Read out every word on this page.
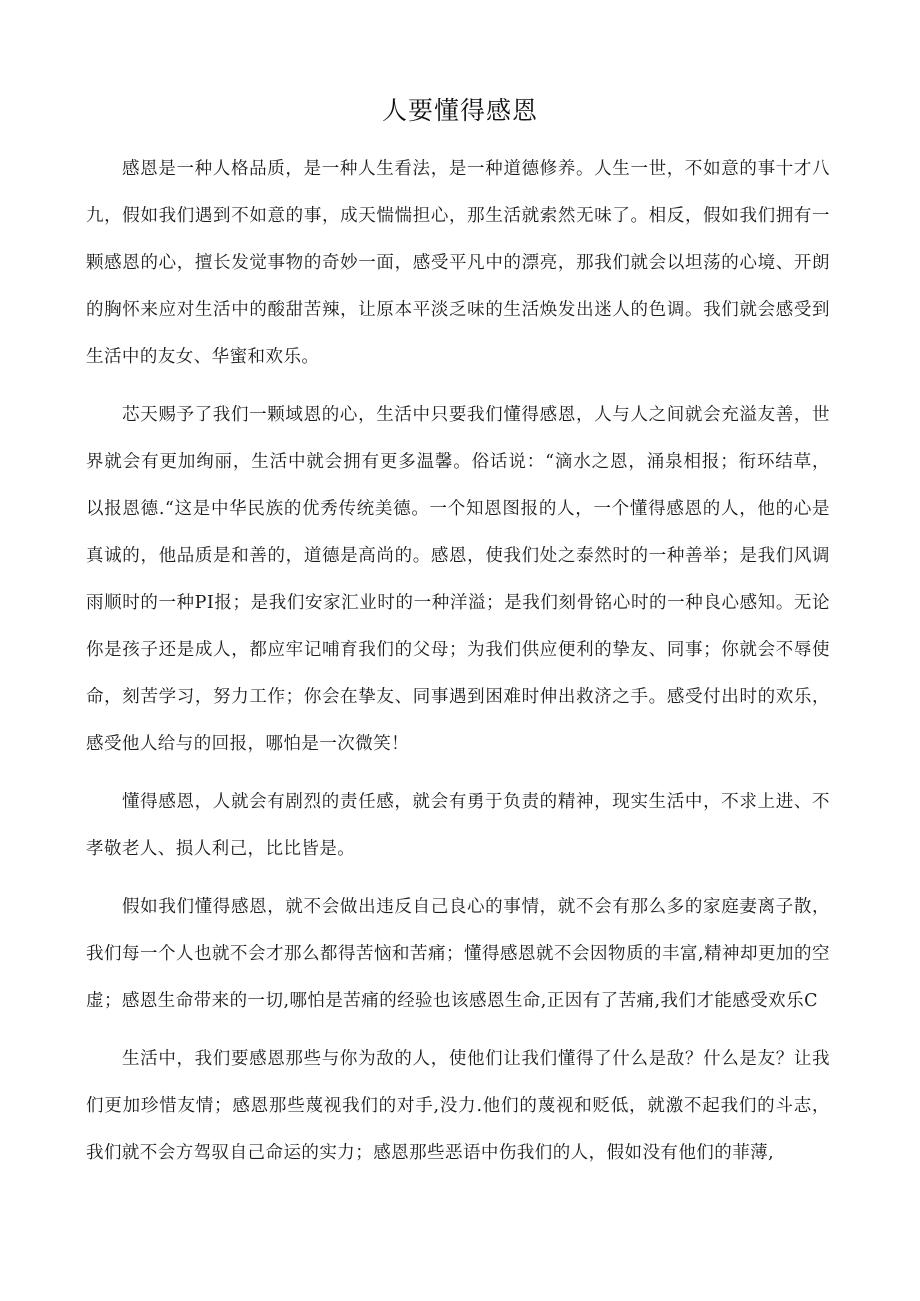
人要懂得感恩

感恩是一种人格品质，是一种人生看法，是一种道德修养。人生一世，不如意的事十才八九，假如我们遇到不如意的事，成天惴惴担心，那生活就索然无味了。相反，假如我们拥有一颗感恩的心，擅长发觉事物的奇妙一面，感受平凡中的漂亮，那我们就会以坦荡的心境、开朗的胸怀来应对生活中的酸甜苦辣，让原本平淡乏味的生活焕发出迷人的色调。我们就会感受到生活中的友女、华蜜和欢乐。

芯天赐予了我们一颗域恩的心，生活中只要我们懂得感恩，人与人之间就会充溢友善，世界就会有更加绚丽，生活中就会拥有更多温馨。俗话说：“滴水之恩，涌泉相报；衔环结草，以报恩德.“这是中华民族的优秀传统美德。一个知恩图报的人，一个懂得感恩的人，他的心是真诚的，他品质是和善的，道德是高尚的。感恩，使我们处之泰然时的一种善举；是我们风调雨顺时的一种PI报；是我们安家汇业时的一种洋溢；是我们刻骨铭心时的一种良心感知。无论你是孩子还是成人，都应牢记哺育我们的父母；为我们供应便利的挚友、同事；你就会不辱使命，刻苦学习，努力工作；你会在挚友、同事遇到困难时伸出救济之手。感受付出时的欢乐，感受他人给与的回报，哪怕是一次微笑！

懂得感恩，人就会有剧烈的责任感，就会有勇于负责的精神，现实生活中，不求上进、不孝敬老人、损人利己，比比皆是。

假如我们懂得感恩，就不会做出违反自己良心的事情，就不会有那么多的家庭妻离子散，我们每一个人也就不会才那么都得苦恼和苦痛；懂得感恩就不会因物质的丰富,精神却更加的空虚；感恩生命带来的一切,哪怕是苦痛的经验也该感恩生命,正因有了苦痛,我们才能感受欢乐C

生活中，我们要感恩那些与你为敌的人，使他们让我们懂得了什么是敌？什么是友？让我们更加珍惜友情；感恩那些蔑视我们的对手,没力.他们的蔑视和贬低，就激不起我们的斗志，我们就不会方驾驭自己命运的实力；感恩那些恶语中伤我们的人，假如没有他们的菲薄,
